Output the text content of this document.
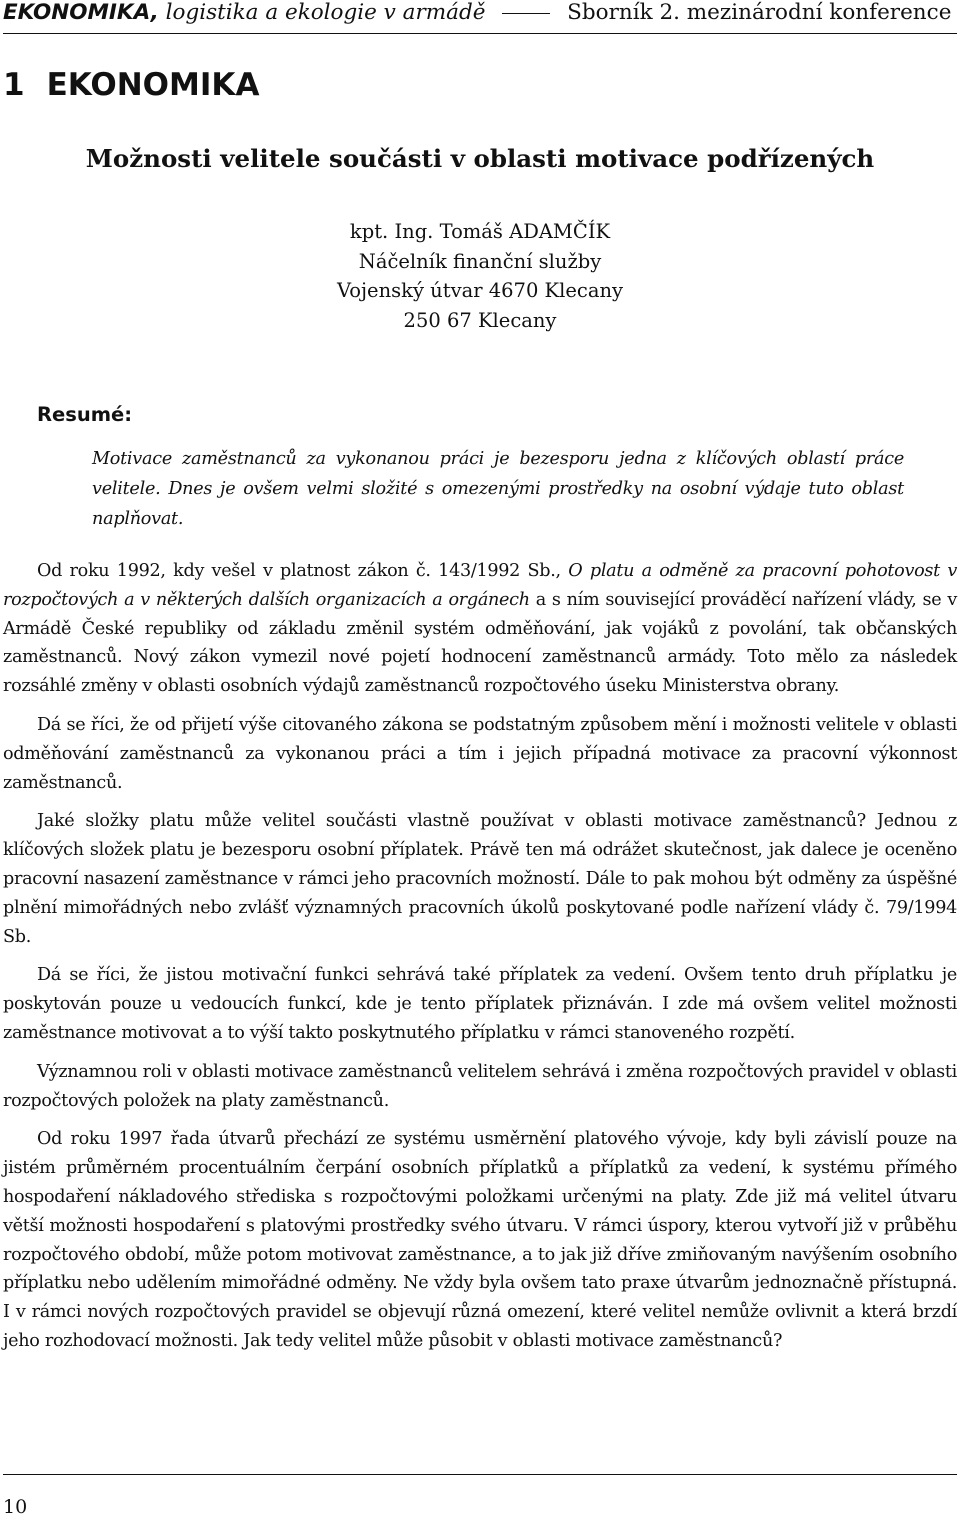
EKONOMIKA, logistika a ekologie v armádě	Sborník 2. mezinárodní konference
1 EKONOMIKA
Možnosti velitele součásti v oblasti motivace podřízených
kpt. Ing. Tomáš ADAMČÍK
Náčelník finanční služby
Vojenský útvar 4670 Klecany
250 67 Klecany
Resumé:
Motivace zaměstnanců za vykonanou práci je bezesporu jedna z klíčových oblastí práce velitele. Dnes je ovšem velmi složité s omezenými prostředky na osobní výdaje tuto oblast naplňovat.

Od roku 1992, kdy vešel v platnost zákon č. 143/1992 Sb., O platu a odměně za pracovní pohotovost v rozpočtových a v některých dalších organizacích a orgánech a s ním související prováděcí nařízení vlády, se v Armádě České republiky od základu změnil systém odměňování, jak vojáků z povolání, tak občanských zaměstnanců. Nový zákon vymezil nové pojetí hodnocení zaměstnanců armády. Toto mělo za následek rozsáhlé změny v oblasti osobních výdajů zaměstnanců rozpočtového úseku Ministerstva obrany.

Dá se říci, že od přijetí výše citovaného zákona se podstatným způsobem mění i možnosti velitele v oblasti odměňování zaměstnanců za vykonanou práci a tím i jejich případná motivace za pracovní výkonnost zaměstnanců.

Jaké složky platu může velitel součásti vlastně používat v oblasti motivace zaměstnanců? Jednou z klíčových složek platu je bezesporu osobní příplatek. Právě ten má odrážet skutečnost, jak dalece je oceněno pracovní nasazení zaměstnance v rámci jeho pracovních možností. Dále to pak mohou být odměny za úspěšné plnění mimořádných nebo zvlášť významných pracovních úkolů poskytované podle nařízení vlády č. 79/1994 Sb.

Dá se říci, že jistou motivační funkci sehrává také příplatek za vedení. Ovšem tento druh příplatku je poskytován pouze u vedoucích funkcí, kde je tento příplatek přiznáván. I zde má ovšem velitel možnosti zaměstnance motivovat a to výší takto poskytnutého příplatku v rámci stanoveného rozpětí.

Významnou roli v oblasti motivace zaměstnanců velitelem sehrává i změna rozpočtových pravidel v oblasti rozpočtových položek na platy zaměstnanců.

Od roku 1997 řada útvarů přechází ze systému usměrnění platového vývoje, kdy byli závislí pouze na jistém průměrném procentuálním čerpání osobních příplatků a příplatků za vedení, k systému přímého hospodaření nákladového střediska s rozpočtovými položkami určenými na platy. Zde již má velitel útvaru větší možnosti hospodaření s platovými prostředky svého útvaru. V rámci úspory, kterou vytvoří již v průběhu rozpočtového období, může potom motivovat zaměstnance, a to jak již dříve zmiňovaným navýšením osobního příplatku nebo udělením mimořádné odměny. Ne vždy byla ovšem tato praxe útvarům jednoznačně přístupná. I v rámci nových rozpočtových pravidel se objevují různá omezení, které velitel nemůže ovlivnit a která brzdí jeho rozhodovací možnosti. Jak tedy velitel může působit v oblasti motivace zaměstnanců?

10
